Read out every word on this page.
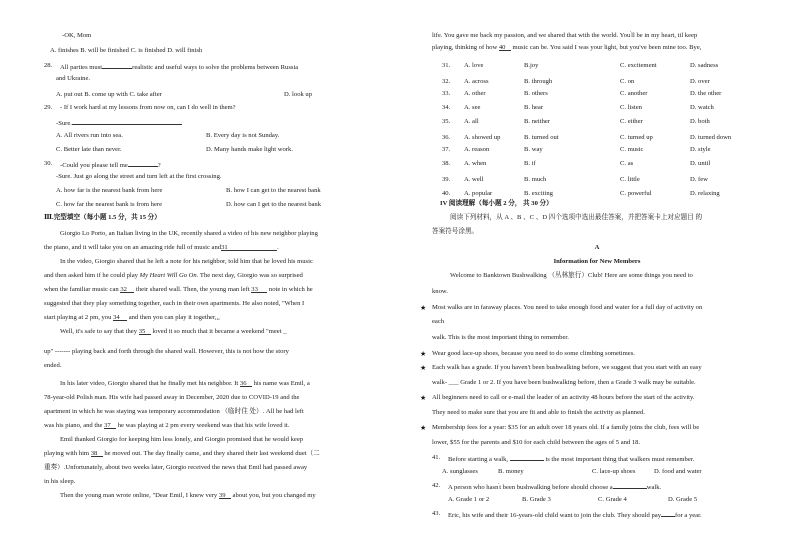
-OK, Mom
A. finishes B. will be finished C. is finished D. will finish
28. All parties must	realistic and useful ways to solve the problems between Russia
and Ukraine.
A. put out B. come up with C. take after	D. look up
29. - If I work hard at my lessons from now on, can I do well in them?
-Sure.
A. All rivers run into sea.	B. Every day is not Sunday.
C. Better late than never.	D. Many hands make light work.
30. -Could you please tell me	?
-Sure. Just go along the street and turn left at the first crossing.
A. how far is the nearest bank from here	B. how I can get to the nearest bank
C. how far the nearest bank is from here	D. how can I get to the nearest bank
Ⅲ.完型填空（每小题 1.5 分，共 15 分）
Giorgio Lo Porto, an Italian living in the UK, recently shared a video of his new neighbor playing
the piano, and it will take you on an amazing ride full of music and31	.
In the video, Giorgio shared that he left a note for his neighbor, told him that he loved his music
and then asked him if he could play My Heart Will Go On. The next day, Giorgio was so surprised
when the familiar music can 32 their shared wall. Then, the young man left 33 note in which he
suggested that they play something together, each in their own apartments. He also noted, "When I
start playing at 2 pm, you 34 and then you can play it together,,,
Well, it's safe to say that they 35 loved it so much that it became a weekend "meet _
up" ------- playing back and forth through the shared wall. However, this is not how the story
ended.
In his later video, Giorgio shared that he finally met his neighbor. It 36 his name was Emil, a
78-year-old Polish man. His wife had passed away in December, 2020 due to COVID-19 and the
apartment in which he was staying was temporary accommodation （临时住 处）. All he had left
was his piano, and the 37 he was playing at 2 pm every weekend was that his wife loved it.
Emil thanked Giorgio for keeping him less lonely, and Giorgio promised that he would keep
playing with him 38 he moved out. The day finally came, and they shared their last weekend duet（二
重奏）.Unfortunately, about two weeks later, Giorgio received the news that Emil had passed away
in his sleep.
Then the young man wrote online, "Dear Emil, I knew very 39 about you, but you changed my
life. You gave me back my passion, and we shared that with the world. You'll be in my heart, til keep
playing, thinking of how 40 music can be. You said I was your light, but you've been mine too. Bye,
31. A. love	B.joy	C. excitement	D. sadness
32. A. across	B. through	C. on	D. over
33. A. other	B. others	C. another	D. the other
34. A. see	B. hear	C. listen	D. watch
35. A. all	B. neither	C. either	D. both
36. A. showed up	B. turned out	C. turned up	D. turned down
37. A. reason	B. way	C. music	D. style
38. A. when	B. if	C. as	D. until
39. A. well	B. much	C. little	D. few
40. A. popular	B. exciting	C. powerful	D. relaxing
IV 阅读理解（每小题 2 分， 共 30 分）
阅读下列材料，从 A 、B 、C 、D 四个选项中选出最佳答案，并把答案卡上对应题目 的
答案符号涂黑。
A
Information for New Members
Welcome to Banktown Bushwalking （丛林旅行）Club! Here are some things you need to
know.
★ Most walks are in faraway places. You need to take enough food and water for a full day of activity on
each
walk. This is the most important thing to remember.
★ Wear good lace-up shoes, because you need to do some climbing sometimes.
★ Each walk has a grade. If you haven't been bushwalking before, we suggest that you start with an easy
walk- ___ Grade 1 or 2. If you have been bushwalking before, then a Grade 3 walk may be suitable.
★ All beginners need to call or e-mail the leader of an activity 48 hours before the start of the activity.
They need to make sure that you are fit and able to finish the activity as planned.
★ Membership fees for a year: $35 for an adult over 18 years old. If a family joins the club, fees will be
lower, $55 for the parents and $10 for each child between the ages of 5 and 18.
41. Before starting a walk,	is the most important thing that walkers must remember.
A. sunglasses	B. money	C. lace-up shoes	D. food and water
42. A person who hasn't been bushwalking before should choose a	walk.
A. Grade 1 or 2	B. Grade 3	C. Grade 4	D. Grade 5
43. Eric, his wife and their 16-years-old child want to join the club. They should pay for a year.
